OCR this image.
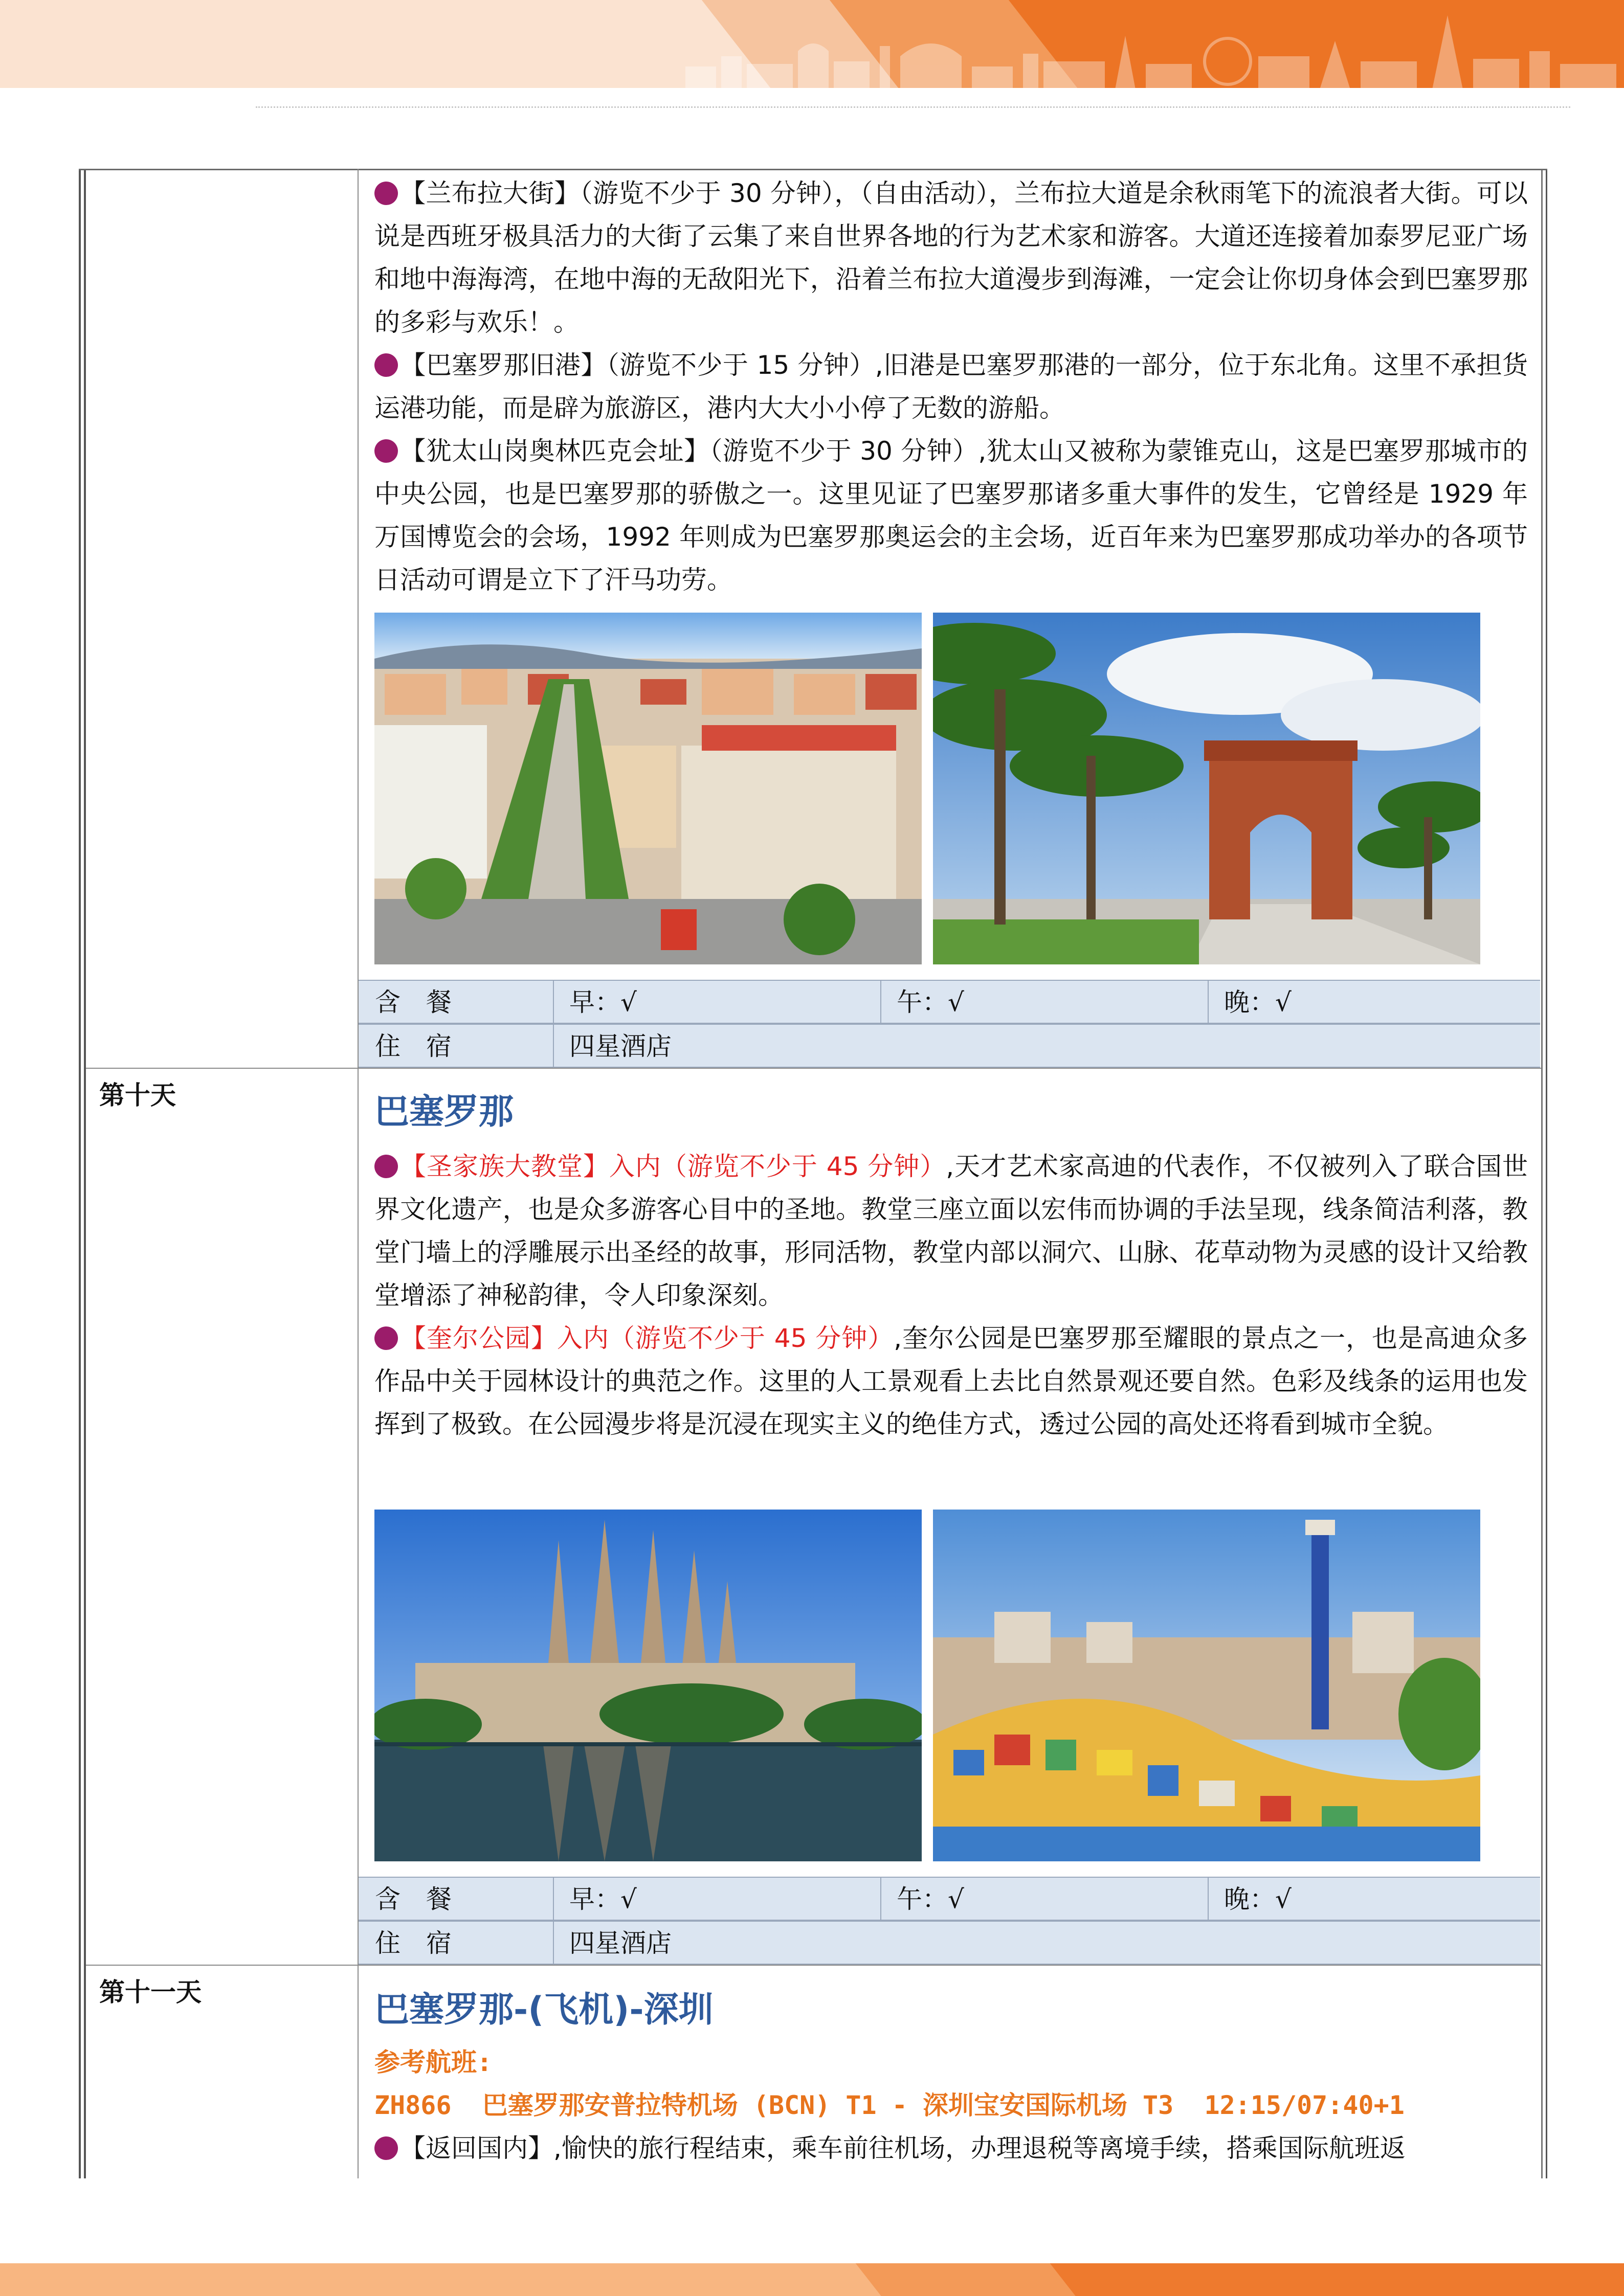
【兰布拉大街】（游览不少于 30 分钟），（自由活动），兰布拉大道是余秋雨笔下的流浪者大街。可以说是西班牙极具活力的大街了云集了来自世界各地的行为艺术家和游客。大道还连接着加泰罗尼亚广场和地中海海湾，在地中海的无敌阳光下，沿着兰布拉大道漫步到海滩，一定会让你切身体会到巴塞罗那的多彩与欢乐！。

【巴塞罗那旧港】（游览不少于 15 分钟）,旧港是巴塞罗那港的一部分，位于东北角。这里不承担货运港功能，而是辟为旅游区，港内大大小小停了无数的游船。

【犹太山岗奥林匹克会址】（游览不少于 30 分钟）,犹太山又被称为蒙锥克山，这是巴塞罗那城市的中央公园，也是巴塞罗那的骄傲之一。这里见证了巴塞罗那诸多重大事件的发生，它曾经是 1929 年万国博览会的会场，1992 年则成为巴塞罗那奥运会的主会场，近百年来为巴塞罗那成功举办的各项节日活动可谓是立下了汗马功劳。

含　餐	早：√	午：√	晚：√
住　宿	四星酒店
第十天	巴塞罗那

【圣家族大教堂】入内（游览不少于 45 分钟）,天才艺术家高迪的代表作，不仅被列入了联合国世界文化遗产，也是众多游客心目中的圣地。教堂三座立面以宏伟而协调的手法呈现，线条简洁利落，教堂门墙上的浮雕展示出圣经的故事，形同活物，教堂内部以洞穴、山脉、花草动物为灵感的设计又给教堂增添了神秘韵律，令人印象深刻。

【奎尔公园】入内（游览不少于 45 分钟）,奎尔公园是巴塞罗那至耀眼的景点之一，也是高迪众多作品中关于园林设计的典范之作。这里的人工景观看上去比自然景观还要自然。色彩及线条的运用也发挥到了极致。在公园漫步将是沉浸在现实主义的绝佳方式，透过公园的高处还将看到城市全貌。

含　餐	早：√	午：√	晚：√
住　宿	四星酒店
第十一天	巴塞罗那-(飞机)-深圳
参考航班:
ZH866  巴塞罗那安普拉特机场 (BCN) T1 - 深圳宝安国际机场 T3  12:15/07:40+1

【返回国内】,愉快的旅行程结束，乘车前往机场，办理退税等离境手续，搭乘国际航班返
